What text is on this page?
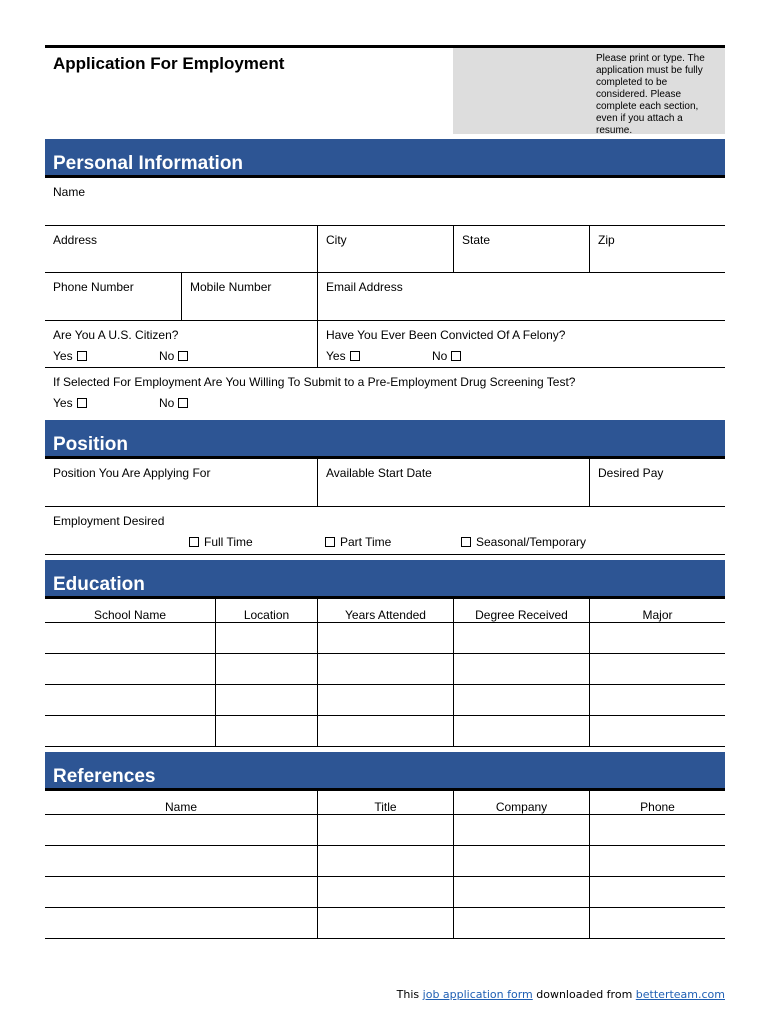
Application For Employment	Please print or type. The application must be fully completed to be considered. Please complete each section, even if you attach a resume.
Personal Information
Name
Address	City	State	Zip
Phone Number	Mobile Number	Email Address
Are You A U.S. Citizen?
Yes	No
Have You Ever Been Convicted Of A Felony?
Yes	No
If Selected For Employment Are You Willing To Submit to a Pre-Employment Drug Screening Test?
Yes	No
Position
Position You Are Applying For	Available Start Date	Desired Pay
Employment Desired
Full Time	Part Time	Seasonal/Temporary
Education
School Name	Location	Years Attended	Degree Received	Major
References
Name	Title	Company	Phone
This job application form downloaded from betterteam.com
